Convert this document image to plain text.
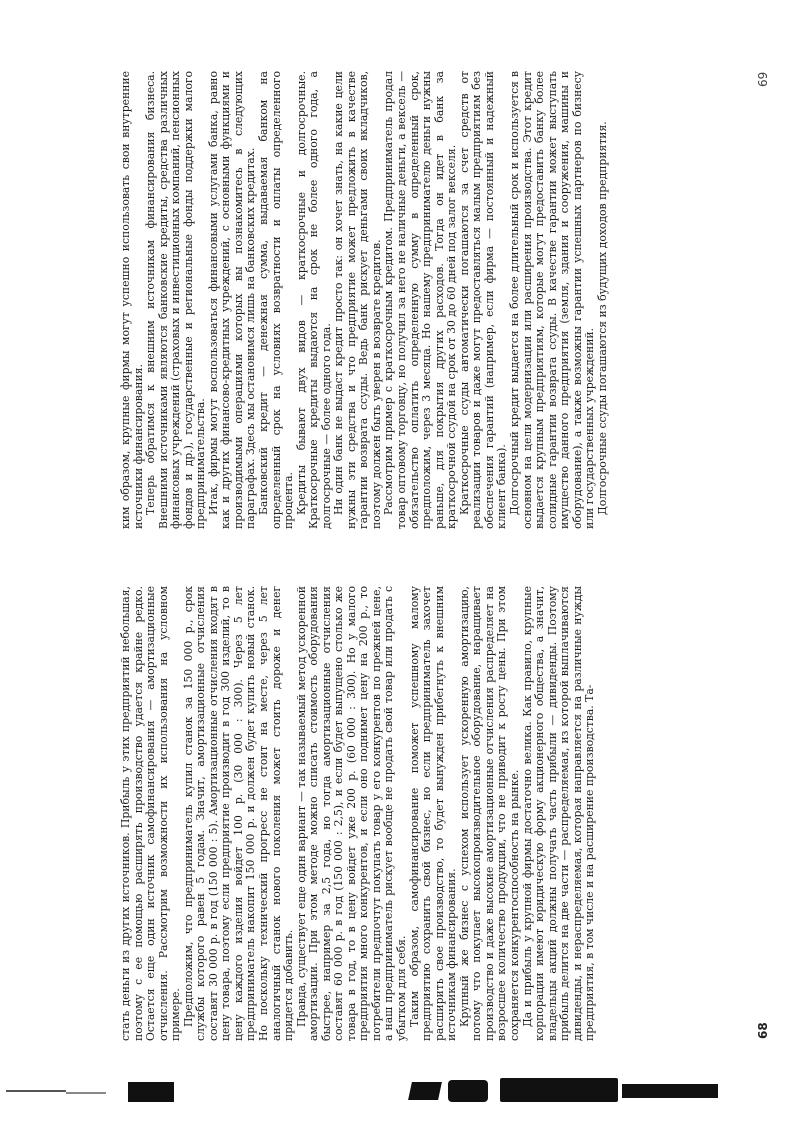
стать деньги из других источников. Прибыль у этих предприятий небольшая, поэтому с ее помощью расширять производство удается крайне редко. Остается еще один источник самофинансирования — амортизационные отчисления. Рассмотрим возможности их использования на условном примере. Предположим, что предприниматель купил станок за 150 000 р., срок службы которого равен 5 годам. Значит, амортизационные отчисления составят 30 000 р. в год (150 000 : 5). Амортизационные отчисления входят в цену товара, поэтому если предприятие производит в год 300 изделий, то в цену каждого изделия войдет 100 р. (30 000 : 300). Через 5 лет предприниматель накопит 150 000 р. и должен будет купить новый станок. Но поскольку технический прогресс не стоит на месте, через 5 лет аналогичный станок нового поколения может стоить дороже и денег придется добавить. Правда, существует еще один вариант — так называемый метод ускоренной амортизации. При этом методе можно списать стоимость оборудования быстрее, например за 2,5 года, но тогда амортизационные отчисления составят 60 000 р. в год (150 000 : 2,5), и если будет выпущено столько же товара в год, то в цену войдет уже 200 р. (60 000 : 300). Но у малого предприятия много конкурентов, и если оно поднимет цену на 200 р., то потребители предпочтут покупать товар у его конкурентов по прежней цене, а наш предприниматель рискует вообще не продать свой товар или продать с убытком для себя. Таким образом, самофинансирование поможет успешному малому предприятию сохранить свой бизнес, но если предприниматель захочет расширить свое производство, то будет вынужден прибегнуть к внешним источникам финансирования. Крупный же бизнес с успехом использует ускоренную амортизацию, потому что покупает высокопроизводительное оборудование, наращивает производство и даже высокие амортизационные отчисления распределяет на возросшее количество продукции, что не приводит к росту цены. При этом сохраняется конкурентоспособность на рынке. Да и прибыль у крупной фирмы достаточно велика. Как правило, крупные корпорации имеют юридическую форму акционерного общества, а значит, владельцы акций должны получать часть прибыли — дивиденды. Поэтому прибыль делится на две части — распределяемая, из которой выплачиваются дивиденды, и нераспределяемая, которая направляется на различные нужды предприятия, в том числе и на расширение производства. Та-

ким образом, крупные фирмы могут успешно использовать свои внутренние источники финансирования. Теперь обратимся к внешним источникам финансирования бизнеса. Внешними источниками являются банковские кредиты, средства различных финансовых учреждений (страховых и инвестиционных компаний, пенсионных фондов и др.), государственные и региональные фонды поддержки малого предпринимательства. Итак, фирмы могут воспользоваться финансовыми услугами банка, равно как и других финансово-кредитных учреждений, с основными функциями и производимыми операциями которых вы познакомитесь в следующих параграфах. Здесь мы остановимся лишь на банковских кредитах. Банковский кредит — денежная сумма, выдаваемая банком на определенный срок на условиях возвратности и оплаты определенного процента. Кредиты бывают двух видов — краткосрочные и долгосрочные. Краткосрочные кредиты выдаются на срок не более одного года, а долгосрочные — более одного года. Ни один банк не выдаст кредит просто так: он хочет знать, на какие цели нужны эти средства и что предприятие может предложить в качестве гарантии возврата ссуды. Ведь банк рискует деньгами своих вкладчиков, поэтому должен быть уверен в возврате кредитов. Рассмотрим пример с краткосрочным кредитом. Предприниматель продал товар оптовому торговцу, но получил за него не наличные деньги, а вексель — обязательство оплатить определенную сумму в определенный срок, предположим, через 3 месяца. Но нашему предпринимателю деньги нужны раньше, для покрытия других расходов. Тогда он идет в банк за краткосрочной ссудой на срок от 30 до 60 дней под залог векселя. Краткосрочные ссуды автоматически погашаются за счет средств от реализации товаров и даже могут предоставляться малым предприятиям без обеспечения гарантий (например, если фирма — постоянный и надежный клиент банка). Долгосрочный кредит выдается на более длительный срок и используется в основном на цели модернизации или расширения производства. Этот кредит выдается крупным предприятиям, которые могут предоставить банку более солидные гарантии возврата ссуды. В качестве гарантии может выступать имущество данного предприятия (земля, здания и сооружения, машины и оборудование), а также возможны гарантии успешных партнеров по бизнесу или государственных учреждений. Долгосрочные ссуды погашаются из будущих доходов предприятия.

68
69
